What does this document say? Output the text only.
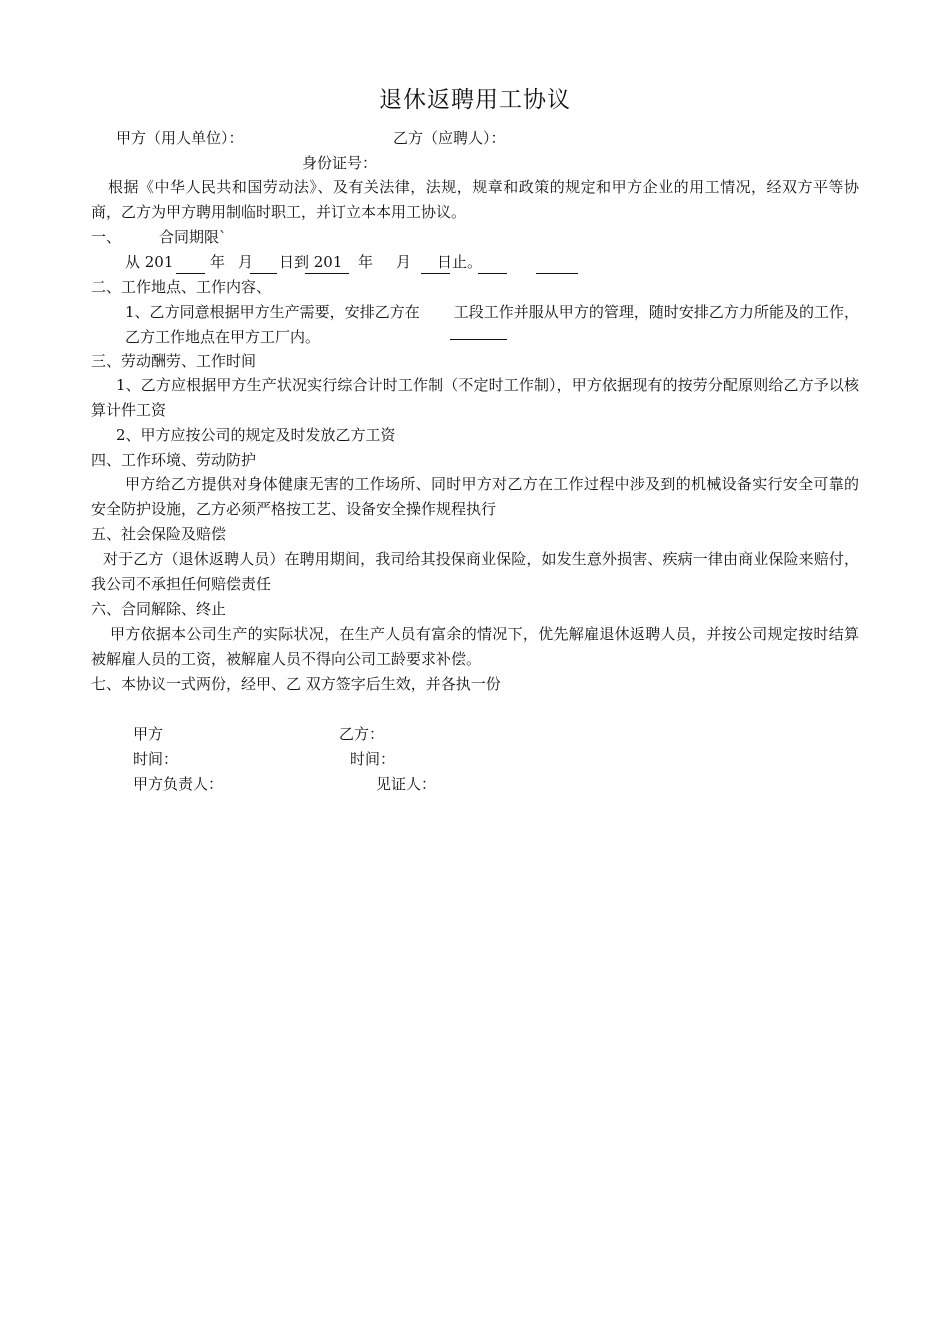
退休返聘用工协议
甲方（用人单位）：	乙方（应聘人）：
身份证号：
根据《中华人民共和国劳动法》、及有关法律，法规，规章和政策的规定和甲方企业的用工情况，经双方平等协商，乙方为甲方聘用制临时职工，并订立本本用工协议。
一、	合同期限`
从 201 年 月 日到 201 年 月 日止。
二、工作地点、工作内容、
1、乙方同意根据甲方生产需要，安排乙方在 工段工作并服从甲方的管理，随时安排乙方力所能及的工作，乙方工作地点在甲方工厂内。
三、劳动酬劳、工作时间
1、乙方应根据甲方生产状况实行综合计时工作制（不定时工作制），甲方依据现有的按劳分配原则给乙方予以核算计件工资
2、甲方应按公司的规定及时发放乙方工资
四、工作环境、劳动防护
甲方给乙方提供对身体健康无害的工作场所、同时甲方对乙方在工作过程中涉及到的机械设备实行安全可靠的安全防护设施，乙方必须严格按工艺、设备安全操作规程执行
五、社会保险及赔偿
对于乙方（退休返聘人员）在聘用期间，我司给其投保商业保险，如发生意外损害、疾病一律由商业保险来赔付，我公司不承担任何赔偿责任
六、合同解除、终止
甲方依据本公司生产的实际状况，在生产人员有富余的情况下，优先解雇退休返聘人员，并按公司规定按时结算被解雇人员的工资，被解雇人员不得向公司工龄要求补偿。
七、本协议一式两份，经甲、乙 双方签字后生效，并各执一份
甲方	乙方：
时间：	时间：
甲方负责人：	见证人：
